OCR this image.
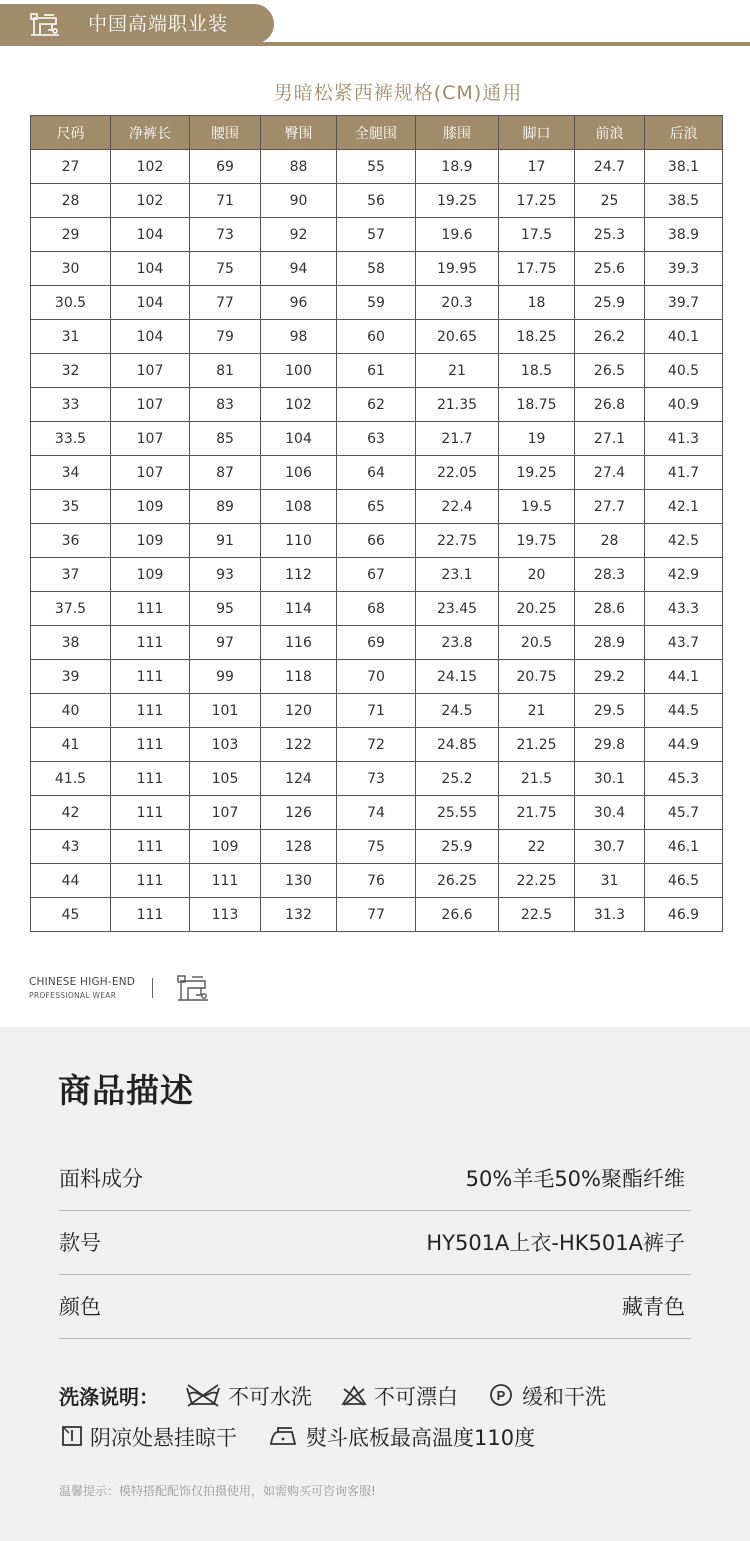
中国高端职业装
男暗松紧西裤规格(CM)通用
尺码	净裤长	腰围	臀围	全腿围	膝围	脚口	前浪	后浪
27	102	69	88	55	18.9	17	24.7	38.1
28	102	71	90	56	19.25	17.25	25	38.5
29	104	73	92	57	19.6	17.5	25.3	38.9
30	104	75	94	58	19.95	17.75	25.6	39.3
30.5	104	77	96	59	20.3	18	25.9	39.7
31	104	79	98	60	20.65	18.25	26.2	40.1
32	107	81	100	61	21	18.5	26.5	40.5
33	107	83	102	62	21.35	18.75	26.8	40.9
33.5	107	85	104	63	21.7	19	27.1	41.3
34	107	87	106	64	22.05	19.25	27.4	41.7
35	109	89	108	65	22.4	19.5	27.7	42.1
36	109	91	110	66	22.75	19.75	28	42.5
37	109	93	112	67	23.1	20	28.3	42.9
37.5	111	95	114	68	23.45	20.25	28.6	43.3
38	111	97	116	69	23.8	20.5	28.9	43.7
39	111	99	118	70	24.15	20.75	29.2	44.1
40	111	101	120	71	24.5	21	29.5	44.5
41	111	103	122	72	24.85	21.25	29.8	44.9
41.5	111	105	124	73	25.2	21.5	30.1	45.3
42	111	107	126	74	25.55	21.75	30.4	45.7
43	111	109	128	75	25.9	22	30.7	46.1
44	111	111	130	76	26.25	22.25	31	46.5
45	111	113	132	77	26.6	22.5	31.3	46.9
CHINESE HIGH-END
PROFESSIONAL WEAR
商品描述
面料成分	50%羊毛50%聚酯纤维
款号	HY501A上衣-HK501A裤子
颜色	藏青色
洗涤说明：	不可水洗	不可漂白	P 缓和干洗
阴凉处悬挂晾干	熨斗底板最高温度110度
温馨提示：模特搭配配饰仅拍摄使用，如需购买可咨询客服!
